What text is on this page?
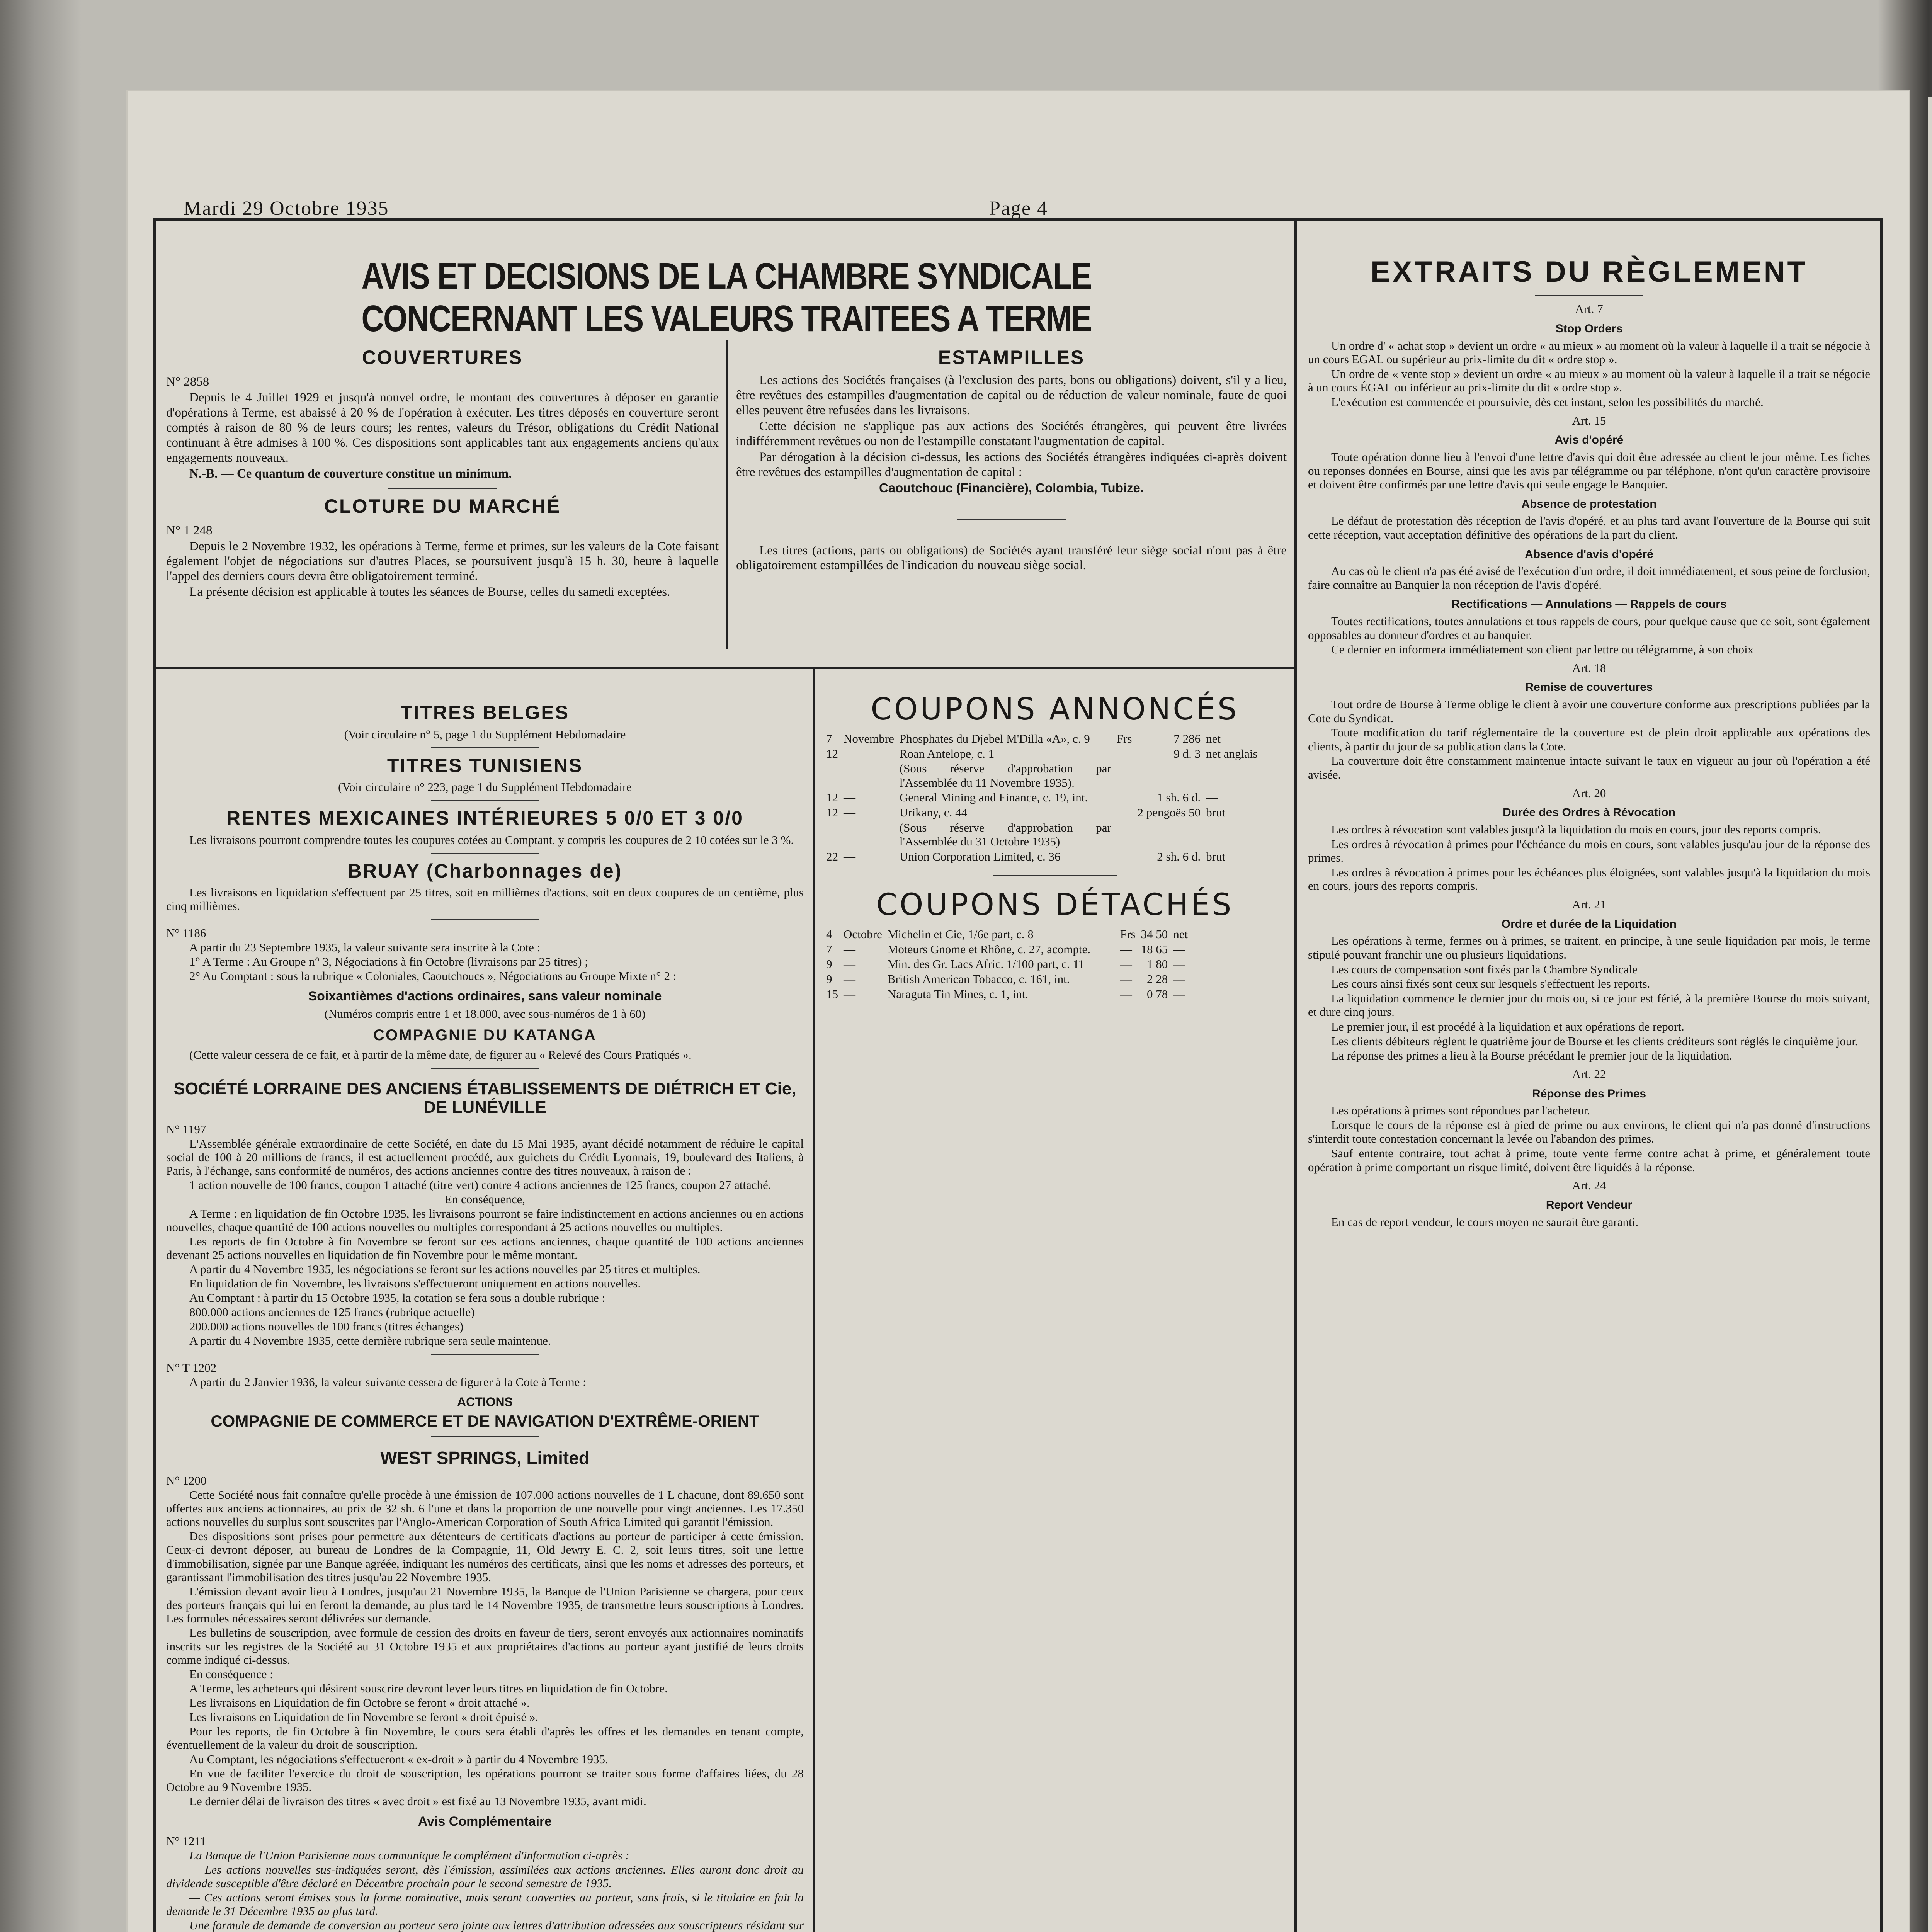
Mardi 29 Octobre 1935	Page 4
AVIS ET DECISIONS DE LA CHAMBRE SYNDICALE CONCERNANT LES VALEURS TRAITEES A TERME
COUVERTURES

N° 2858

Depuis le 4 Juillet 1929 et jusqu'à nouvel ordre, le montant des couvertures à déposer en garantie d'opérations à Terme, est abaissé à 20 % de l'opération à exécuter. Les titres déposés en couverture seront comptés à raison de 80 % de leurs cours; les rentes, valeurs du Trésor, obligations du Crédit National continuant à être admises à 100 %. Ces dispositions sont applicables tant aux engagements anciens qu'aux engagements nouveaux.

N.-B. — Ce quantum de couverture constitue un minimum.

CLOTURE DU MARCHÉ

N° 1 248

Depuis le 2 Novembre 1932, les opérations à Terme, ferme et primes, sur les valeurs de la Cote faisant également l'objet de négociations sur d'autres Places, se poursuivent jusqu'à 15 h. 30, heure à laquelle l'appel des derniers cours devra être obligatoirement terminé.

La présente décision est applicable à toutes les séances de Bourse, celles du samedi exceptées.

ESTAMPILLES

Les actions des Sociétés françaises (à l'exclusion des parts, bons ou obligations) doivent, s'il y a lieu, être revêtues des estampilles d'augmentation de capital ou de réduction de valeur nominale, faute de quoi elles peuvent être refusées dans les livraisons.

Cette décision ne s'applique pas aux actions des Sociétés étrangères, qui peuvent être livrées indifféremment revêtues ou non de l'estampille constatant l'augmentation de capital.

Par dérogation à la décision ci-dessus, les actions des Sociétés étrangères indiquées ci-après doivent être revêtues des estampilles d'augmentation de capital :

Caoutchouc (Financière), Colombia, Tubize.

Les titres (actions, parts ou obligations) de Sociétés ayant transféré leur siège social n'ont pas à être obligatoirement estampillées de l'indication du nouveau siège social.

TITRES BELGES

(Voir circulaire n° 5, page 1 du Supplément Hebdomadaire

TITRES TUNISIENS

(Voir circulaire n° 223, page 1 du Supplément Hebdomadaire

RENTES MEXICAINES INTÉRIEURES 5 0/0 ET 3 0/0

Les livraisons pourront comprendre toutes les coupures cotées au Comptant, y compris les coupures de 2 10 cotées sur le 3 %.

BRUAY (Charbonnages de)

Les livraisons en liquidation s'effectuent par 25 titres, soit en millièmes d'actions, soit en deux coupures de un centième, plus cinq millièmes.

N° 1186

A partir du 23 Septembre 1935, la valeur suivante sera inscrite à la Cote :

1° A Terme : Au Groupe n° 3, Négociations à fin Octobre (livraisons par 25 titres) ;

2° Au Comptant : sous la rubrique « Coloniales, Caoutchoucs », Négociations au Groupe Mixte n° 2 :

Soixantièmes d'actions ordinaires, sans valeur nominale

(Numéros compris entre 1 et 18.000, avec sous-numéros de 1 à 60)

COMPAGNIE DU KATANGA

(Cette valeur cessera de ce fait, et à partir de la même date, de figurer au « Relevé des Cours Pratiqués ».

SOCIÉTÉ LORRAINE DES ANCIENS ÉTABLISSEMENTS DE DIÉTRICH ET Cie, DE LUNÉVILLE

N° 1197

L'Assemblée générale extraordinaire de cette Société, en date du 15 Mai 1935, ayant décidé notamment de réduire le capital social de 100 à 20 millions de francs, il est actuellement procédé, aux guichets du Crédit Lyonnais, 19, boulevard des Italiens, à Paris, à l'échange, sans conformité de numéros, des actions anciennes contre des titres nouveaux, à raison de :

1 action nouvelle de 100 francs, coupon 1 attaché (titre vert) contre 4 actions anciennes de 125 francs, coupon 27 attaché.

En conséquence,

A Terme : en liquidation de fin Octobre 1935, les livraisons pourront se faire indistinctement en actions anciennes ou en actions nouvelles, chaque quantité de 100 actions nouvelles ou multiples correspondant à 25 actions nouvelles ou multiples.

Les reports de fin Octobre à fin Novembre se feront sur ces actions anciennes, chaque quantité de 100 actions anciennes devenant 25 actions nouvelles en liquidation de fin Novembre pour le même montant.

A partir du 4 Novembre 1935, les négociations se feront sur les actions nouvelles par 25 titres et multiples.

En liquidation de fin Novembre, les livraisons s'effectueront uniquement en actions nouvelles.

Au Comptant : à partir du 15 Octobre 1935, la cotation se fera sous a double rubrique :

800.000 actions anciennes de 125 francs (rubrique actuelle)

200.000 actions nouvelles de 100 francs (titres échanges)

A partir du 4 Novembre 1935, cette dernière rubrique sera seule maintenue.

N° T 1202

A partir du 2 Janvier 1936, la valeur suivante cessera de figurer à la Cote à Terme :

ACTIONS
COMPAGNIE DE COMMERCE ET DE NAVIGATION D'EXTRÊME-ORIENT
WEST SPRINGS, Limited

N° 1200

Cette Société nous fait connaître qu'elle procède à une émission de 107.000 actions nouvelles de 1 L chacune, dont 89.650 sont offertes aux anciens actionnaires, au prix de 32 sh. 6 l'une et dans la proportion de une nouvelle pour vingt anciennes. Les 17.350 actions nouvelles du surplus sont souscrites par l'Anglo-American Corporation of South Africa Limited qui garantit l'émission.

Des dispositions sont prises pour permettre aux détenteurs de certificats d'actions au porteur de participer à cette émission. Ceux-ci devront déposer, au bureau de Londres de la Compagnie, 11, Old Jewry E. C. 2, soit leurs titres, soit une lettre d'immobilisation, signée par une Banque agréée, indiquant les numéros des certificats, ainsi que les noms et adresses des porteurs, et garantissant l'immobilisation des titres jusqu'au 22 Novembre 1935.

L'émission devant avoir lieu à Londres, jusqu'au 21 Novembre 1935, la Banque de l'Union Parisienne se chargera, pour ceux des porteurs français qui lui en feront la demande, au plus tard le 14 Novembre 1935, de transmettre leurs souscriptions à Londres. Les formules nécessaires seront délivrées sur demande.

Les bulletins de souscription, avec formule de cession des droits en faveur de tiers, seront envoyés aux actionnaires nominatifs inscrits sur les registres de la Société au 31 Octobre 1935 et aux propriétaires d'actions au porteur ayant justifié de leurs droits comme indiqué ci-dessus.

En conséquence :

A Terme, les acheteurs qui désirent souscrire devront lever leurs titres en liquidation de fin Octobre.

Les livraisons en Liquidation de fin Octobre se feront « droit attaché ».

Les livraisons en Liquidation de fin Novembre se feront « droit épuisé ».

Pour les reports, de fin Octobre à fin Novembre, le cours sera établi d'après les offres et les demandes en tenant compte, éventuellement de la valeur du droit de souscription.

Au Comptant, les négociations s'effectueront « ex-droit » à partir du 4 Novembre 1935.

En vue de faciliter l'exercice du droit de souscription, les opérations pourront se traiter sous forme d'affaires liées, du 28 Octobre au 9 Novembre 1935.

Le dernier délai de livraison des titres « avec droit » est fixé au 13 Novembre 1935, avant midi.

Avis Complémentaire

N° 1211

La Banque de l'Union Parisienne nous communique le complément d'information ci-après :

— Les actions nouvelles sus-indiquées seront, dès l'émission, assimilées aux actions anciennes. Elles auront donc droit au dividende susceptible d'être déclaré en Décembre prochain pour le second semestre de 1935.

— Ces actions seront émises sous la forme nominative, mais seront converties au porteur, sans frais, si le titulaire en fait la demande le 31 Décembre 1935 au plus tard.

Une formule de demande de conversion au porteur sera jointe aux lettres d'attribution adressées aux souscripteurs résidant sur

COUPONS ANNONCÉS
7	Novembre	Phosphates du Djebel M'Dilla «A», c. 9	Frs	7 286	net
12	—	Roan Antelope, c. 1		9 d. 3	net anglais
		(Sous réserve d'approbation par l'Assemblée du 11 Novembre 1935).			
12	—	General Mining and Finance, c. 19, int.		1 sh. 6 d.	—
12	—	Urikany, c. 44		2 pengoës 50	brut
		(Sous réserve d'approbation par l'Assemblée du 31 Octobre 1935)			
22	—	Union Corporation Limited, c. 36		2 sh. 6 d.	brut
COUPONS DÉTACHÉS
4	Octobre	Michelin et Cie, 1/6e part, c. 8	Frs	34 50	net
7	—	Moteurs Gnome et Rhône, c. 27, acompte.	—	18 65	—
9	—	Min. des Gr. Lacs Afric. 1/100 part, c. 11	—	1 80	—
9	—	British American Tobacco, c. 161, int.	—	2 28	—
15	—	Naraguta Tin Mines, c. 1, int.	—	0 78	—
EXTRAITS DU RÈGLEMENT

Art. 7

Stop Orders

Un ordre d' « achat stop » devient un ordre « au mieux » au moment où la valeur à laquelle il a trait se négocie à un cours EGAL ou supérieur au prix-limite du dit « ordre stop ».

Un ordre de « vente stop » devient un ordre « au mieux » au moment où la valeur à laquelle il a trait se négocie à un cours ÉGAL ou inférieur au prix-limite du dit « ordre stop ».

L'exécution est commencée et poursuivie, dès cet instant, selon les possibilités du marché.

Art. 15

Avis d'opéré

Toute opération donne lieu à l'envoi d'une lettre d'avis qui doit être adressée au client le jour même. Les fiches ou reponses données en Bourse, ainsi que les avis par télégramme ou par téléphone, n'ont qu'un caractère provisoire et doivent être confirmés par une lettre d'avis qui seule engage le Banquier.

Absence de protestation

Le défaut de protestation dès réception de l'avis d'opéré, et au plus tard avant l'ouverture de la Bourse qui suit cette réception, vaut acceptation définitive des opérations de la part du client.

Absence d'avis d'opéré

Au cas où le client n'a pas été avisé de l'exécution d'un ordre, il doit immédiatement, et sous peine de forclusion, faire connaître au Banquier la non réception de l'avis d'opéré.

Rectifications — Annulations — Rappels de cours

Toutes rectifications, toutes annulations et tous rappels de cours, pour quelque cause que ce soit, sont également opposables au donneur d'ordres et au banquier.

Ce dernier en informera immédiatement son client par lettre ou télégramme, à son choix

Art. 18

Remise de couvertures

Tout ordre de Bourse à Terme oblige le client à avoir une couverture conforme aux prescriptions publiées par la Cote du Syndicat.

Toute modification du tarif réglementaire de la couverture est de plein droit applicable aux opérations des clients, à partir du jour de sa publication dans la Cote.

La couverture doit être constamment maintenue intacte suivant le taux en vigueur au jour où l'opération a été avisée.

Art. 20

Durée des Ordres à Révocation

Les ordres à révocation sont valables jusqu'à la liquidation du mois en cours, jour des reports compris.

Les ordres à révocation à primes pour l'échéance du mois en cours, sont valables jusqu'au jour de la réponse des primes.

Les ordres à révocation à primes pour les échéances plus éloignées, sont valables jusqu'à la liquidation du mois en cours, jours des reports compris.

Art. 21

Ordre et durée de la Liquidation

Les opérations à terme, fermes ou à primes, se traitent, en principe, à une seule liquidation par mois, le terme stipulé pouvant franchir une ou plusieurs liquidations.

Les cours de compensation sont fixés par la Chambre Syndicale

Les cours ainsi fixés sont ceux sur lesquels s'effectuent les reports.

La liquidation commence le dernier jour du mois ou, si ce jour est férié, à la première Bourse du mois suivant, et dure cinq jours.

Le premier jour, il est procédé à la liquidation et aux opérations de report.

Les clients débiteurs règlent le quatrième jour de Bourse et les clients créditeurs sont réglés le cinquième jour.

La réponse des primes a lieu à la Bourse précédant le premier jour de la liquidation.

Art. 22

Réponse des Primes

Les opérations à primes sont répondues par l'acheteur.

Lorsque le cours de la réponse est à pied de prime ou aux environs, le client qui n'a pas donné d'instructions s'interdit toute contestation concernant la levée ou l'abandon des primes.

Sauf entente contraire, tout achat à prime, toute vente ferme contre achat à prime, et généralement toute opération à prime comportant un risque limité, doivent être liquidés à la réponse.

Art. 24

Report Vendeur

En cas de report vendeur, le cours moyen ne saurait être garanti.
